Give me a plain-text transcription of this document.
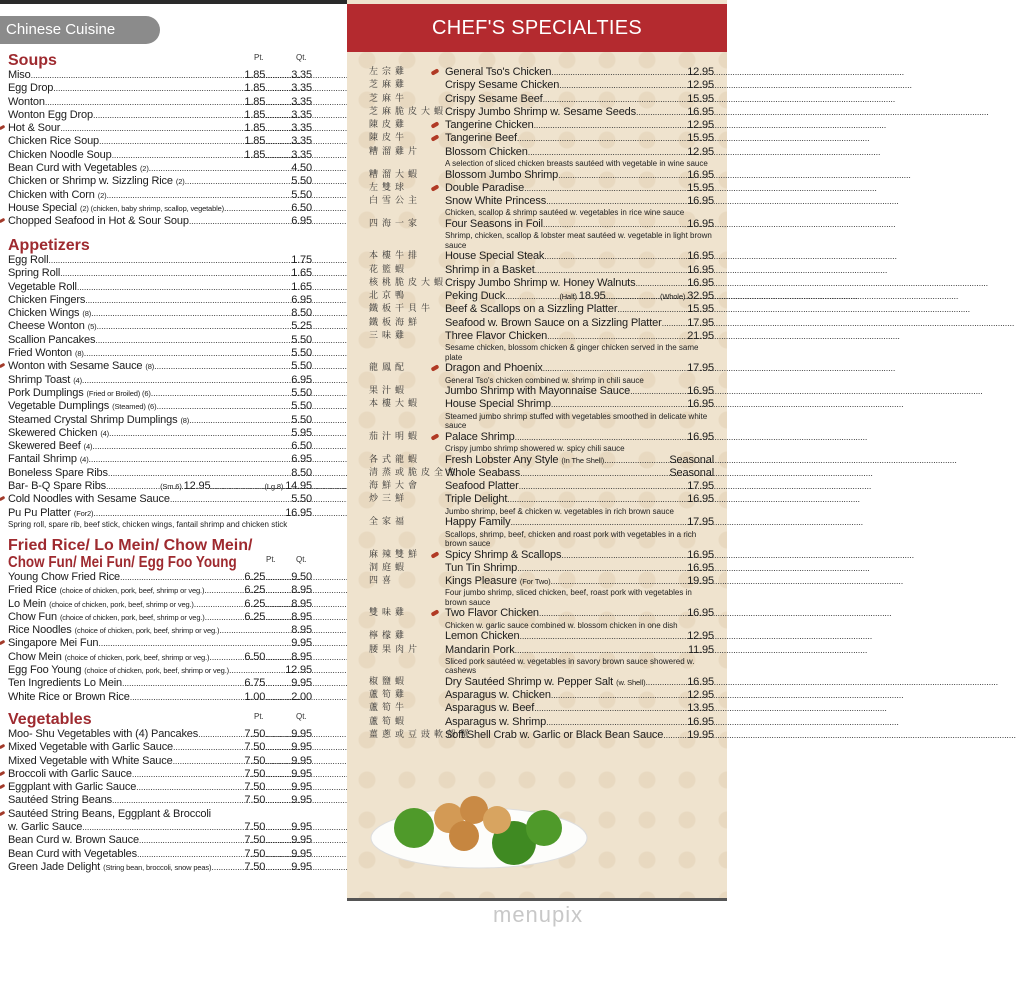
Chinese Cuisine
Soups	Pt.	Qt.
Miso .....	1.85 ..... 3.35
Egg Drop .....	1.85 ..... 3.35
Wonton .....	1.85 ..... 3.35
Wonton Egg Drop .....	1.85 ..... 3.35
Hot & Sour .....	1.85 ..... 3.35
Chicken Rice Soup .....	1.85 ..... 3.35
Chicken Noodle Soup .....	1.85 ..... 3.35
Bean Curd with Vegetables (2) .....	4.50
Chicken or Shrimp w. Sizzling Rice (2) .....	5.50
Chicken with Corn (2) .....	5.50
House Special (2) (chicken, baby shrimp, scallop, vegetable) .....	6.50
Chopped Seafood in Hot & Sour Soup .....	6.95
Appetizers
Egg Roll .....	1.75
Spring Roll .....	1.65
Vegetable Roll .....	1.65
Chicken Fingers .....	6.95
Chicken Wings (8) .....	8.50
Cheese Wonton (5) .....	5.25
Scallion Pancakes .....	5.50
Fried Wonton (8) .....	5.50
Wonton with Sesame Sauce (8) .....	5.50
Shrimp Toast (4) .....	6.95
Pork Dumplings (Fried or Broiled) (6) .....	5.50
Vegetable Dumplings (Steamed) (6) .....	5.50
Steamed Crystal Shrimp Dumplings (8) .....	5.50
Skewered Chicken (4) .....	5.95
Skewered Beef (4) .....	6.50
Fantail Shrimp (4) .....	6.95
Boneless Spare Ribs .....	8.50
Bar- B-Q Spare Ribs .....	(Sm.6) 12.95 .....	(Lg.8) 14.95
Cold Noodles with Sesame Sauce .....	5.50
Pu Pu Platter (For2) .....	16.95
Spring roll, spare rib, beef stick, chicken wings, fantail shrimp and chicken stick
Fried Rice/ Lo Mein/ Chow Mein/
Chow Fun/ Mei Fun/ Egg Foo Young	Pt.	Qt.
Young Chow Fried Rice .....	6.25 ..... 9.50
Fried Rice (choice of chicken, pork, beef, shrimp or veg.) .....	6.25 ..... 8.95
Lo Mein (choice of chicken, pork, beef, shrimp or veg.) .....	6.25 ..... 8.95
Chow Fun (choice of chicken, pork, beef, shrimp or veg.) .....	6.25 ..... 8.95
Rice Noodles (choice of chicken, pork, beef, shrimp or veg.) .....	8.95
Singapore Mei Fun .....	9.95
Chow Mein (choice of chicken, pork, beef, shrimp or veg.) .....	6.50 ..... 8.95
Egg Foo Young (choice of chicken, pork, beef, shrimp or veg.) .....	12.95
Ten Ingredients Lo Mein .....	6.75 ..... 9.95
White Rice or Brown Rice .....	1.00 ..... 2.00
Vegetables	Pt.	Qt.
Moo- Shu Vegetables with (4) Pancakes .....	7.50 ..... 9.95
Mixed Vegetable with Garlic Sauce .....	7.50 ..... 9.95
Mixed Vegetable with White Sauce .....	7.50 ..... 9.95
Broccoli with Garlic Sauce .....	7.50 ..... 9.95
Eggplant with Garlic Sauce .....	7.50 ..... 9.95
Sautéed String Beans .....	7.50 ..... 9.95
Sautéed String Beans, Eggplant & Broccoli
w. Garlic Sauce .....	7.50 ..... 9.95
Bean Curd w. Brown Sauce .....	7.50 ..... 9.95
Bean Curd with Vegetables .....	7.50 ..... 9.95
Green Jade Delight (String bean, broccoli, snow peas) .....	7.50 ..... 9.95
CHEF'S SPECIALTIES
左宗雞	General Tso's Chicken .....	12.95
芝麻雞	Crispy Sesame Chicken .....	12.95
芝麻牛	Crispy Sesame Beef .....	15.95
芝麻脆皮大蝦
Crispy Jumbo Shrimp w. Sesame Seeds .....	16.95
陳皮雞	Tangerine Chicken .....	12.95
陳皮牛	Tangerine Beef .....	15.95
糟溜雞片	Blossom Chicken .....	12.95
A selection of sliced chicken breasts sautéed with vegetable in wine sauce
糟溜大蝦	Blossom Jumbo Shrimp .....	16.95
左雙球	Double Paradise .....	15.95
白雪公主	Snow White Princess .....	16.95
Chicken, scallop & shrimp sautéed w. vegetables in rice wine sauce
四海一家	Four Seasons in Foil .....	16.95
Shrimp, chicken, scallop & lobster meat sautéed w. vegetable in light brown sauce
本樓牛排	House Special Steak .....	16.95
花籃蝦	Shrimp in a Basket .....	16.95
核桃脆皮大蝦
Crispy Jumbo Shrimp w. Honey Walnuts .....	16.95
北京鴨	Peking Duck .....	(Half) 18.95 .....	(Whole) 32.95
鐵板干貝牛 Beef & Scallops on a Sizzling Platter .....	15.95
鐵板海鮮	Seafood w. Brown Sauce on a Sizzling Platter ..... 17.95
三味雞	Three Flavor Chicken .....	21.95
Sesame chicken, blossom chicken & ginger chicken served in the same plate
龍鳳配	Dragon and Phoenix .....	17.95
General Tso's chicken combined w. shrimp in chili sauce
果汁蝦	Jumbo Shrimp with Mayonnaise Sauce .....	16.95
本樓大蝦	House Special Shrimp .....	16.95
Steamed jumbo shrimp stuffed with vegetables smoothed in delicate white sauce
茄汁明蝦	Palace Shrimp .....	16.95
Crispy jumbo shrimp showered w. spicy chili sauce
各式龍蝦	Fresh Lobster Any Style (In The Shell) .....	Seasonal
清蒸或脆皮全魚
Whole Seabass .....	Seasonal
海鮮大會	Seafood Platter .....	17.95
炒三鮮	Triple Delight .....	16.95
Jumbo shrimp, beef & chicken w. vegetables in rich brown sauce
全家福	Happy Family .....	17.95
Scallops, shrimp, beef, chicken and roast pork with vegetables in a rich brown sauce
麻辣雙鮮	Spicy Shrimp & Scallops .....	16.95
洞庭蝦	Tun Tin Shrimp .....	16.95
四喜	Kings Pleasure (For Two) .....	19.95
Four jumbo shrimp, sliced chicken, beef, roast pork with vegetables in brown sauce
雙味雞	Two Flavor Chicken .....	16.95
Chicken w. garlic sauce combined w. blossom chicken in one dish
檸檬雞	Lemon Chicken .....	12.95
腰果肉片	Mandarin Pork .....	11.95
Sliced pork sautéed w. vegetables in savory brown sauce showered w. cashews
椒鹽蝦	Dry Sautéed Shrimp w. Pepper Salt (w. Shell) .....	16.95
蘆筍雞	Asparagus w. Chicken .....	12.95
蘆筍牛	Asparagus w. Beef .....	13.95
蘆筍蝦	Asparagus w. Shrimp .....	16.95
薑蔥或豆豉軟殼蟹
Soft Shell Crab w. Garlic or Black Bean Sauce ..... 19.95
menupix
